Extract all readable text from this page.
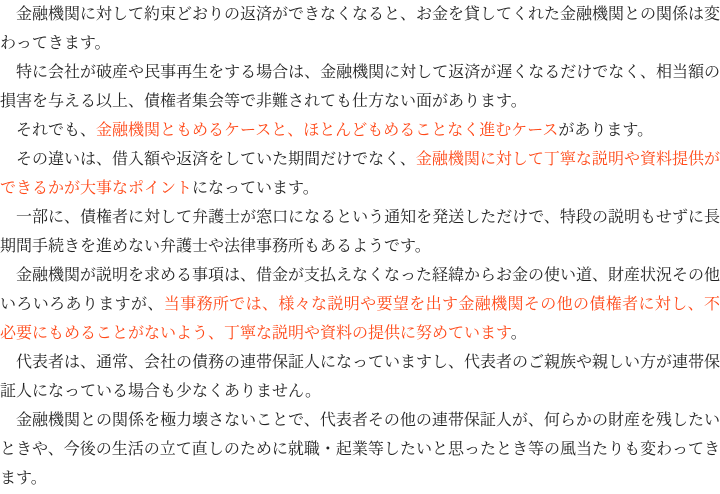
　金融機関に対して約束どおりの返済ができなくなると、お金を貸してくれた金融機関との関係は変わってきます。

　特に会社が破産や民事再生をする場合は、金融機関に対して返済が遅くなるだけでなく、相当額の損害を与える以上、債権者集会等で非難されても仕方ない面があります。

　それでも、金融機関ともめるケースと、ほとんどもめることなく進むケースがあります。

　その違いは、借入額や返済をしていた期間だけでなく、金融機関に対して丁寧な説明や資料提供ができるかが大事なポイントになっています。

　一部に、債権者に対して弁護士が窓口になるという通知を発送しただけで、特段の説明もせずに長期間手続きを進めない弁護士や法律事務所もあるようです。

　金融機関が説明を求める事項は、借金が支払えなくなった経緯からお金の使い道、財産状況その他いろいろありますが、当事務所では、様々な説明や要望を出す金融機関その他の債権者に対し、不必要にもめることがないよう、丁寧な説明や資料の提供に努めています。

　代表者は、通常、会社の債務の連帯保証人になっていますし、代表者のご親族や親しい方が連帯保証人になっている場合も少なくありません。

　金融機関との関係を極力壊さないことで、代表者その他の連帯保証人が、何らかの財産を残したいときや、今後の生活の立て直しのために就職・起業等したいと思ったとき等の風当たりも変わってきます。
